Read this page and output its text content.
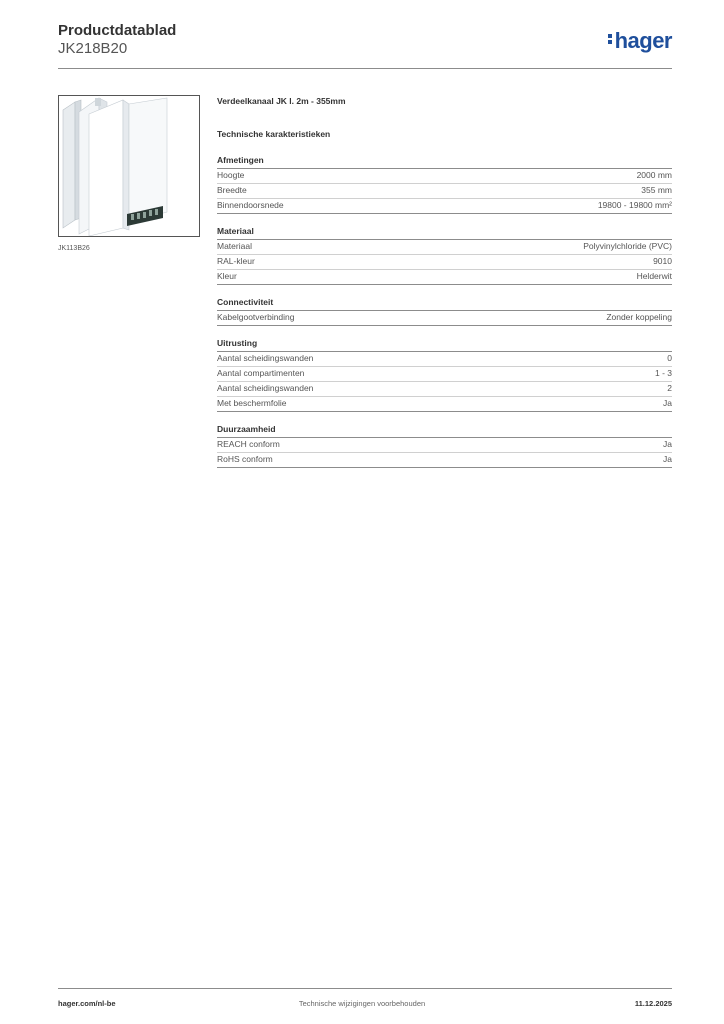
Productdatablad
JK218B20	hager
JK113B26
Verdeelkanaal JK l. 2m - 355mm
Technische karakteristieken
Afmetingen
Hoogte	2000 mm
Breedte	355 mm
Binnendoorsnede	19800 - 19800 mm²
Materiaal
Materiaal	Polyvinylchloride (PVC)
RAL-kleur	9010
Kleur	Helderwit
Connectiviteit
Kabelgootverbinding	Zonder koppeling
Uitrusting
Aantal scheidingswanden	0
Aantal compartimenten	1 - 3
Aantal scheidingswanden	2
Met beschermfolie	Ja
Duurzaamheid
REACH conform	Ja
RoHS conform	Ja
hager.com/nl-be	Technische wijzigingen voorbehouden	11.12.2025
